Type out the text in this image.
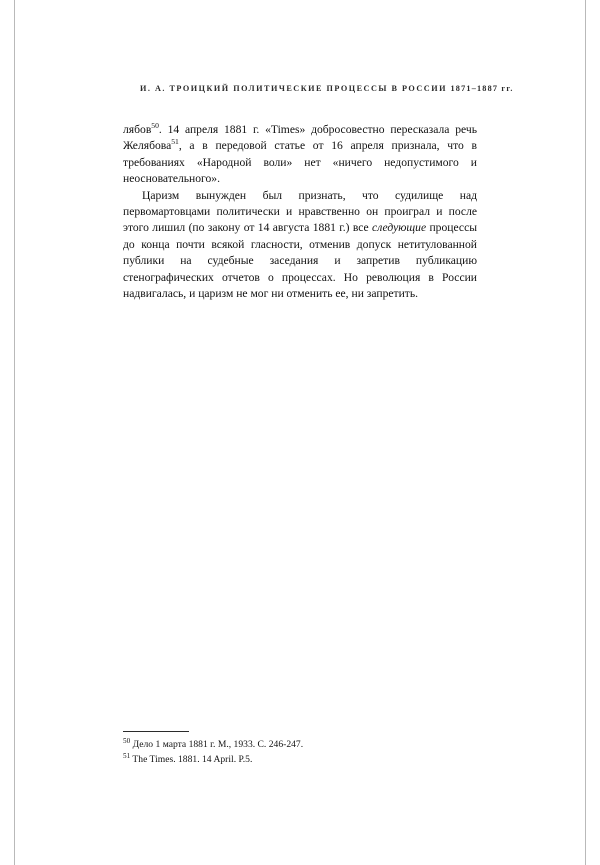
И. А. ТРОИЦКИЙ ПОЛИТИЧЕСКИЕ ПРОЦЕССЫ В РОССИИ 1871–1887 гг.

лябов$^{50}$. 14 апреля 1881 г. «Times» добросовестно пересказала речь Желябова$^{51}$, а в передовой статье от 16 апреля признала, что в требованиях «Народной воли» нет «ничего недопустимого и неосновательного».

Царизм вынужден был признать, что судилище над первомартовцами политически и нравственно он проиграл и после этого лишил (по закону от 14 августа 1881 г.) все следующие процессы до конца почти всякой гласности, отменив допуск нетитулованной публики на судебные заседания и запретив публикацию стенографических отчетов о процессах. Но революция в России надвигалась, и царизм не мог ни отменить ее, ни запретить.

$^{50}$ Дело 1 марта 1881 г. М., 1933. С. 246-247.

$^{51}$ The Times. 1881. 14 April. P.5.
